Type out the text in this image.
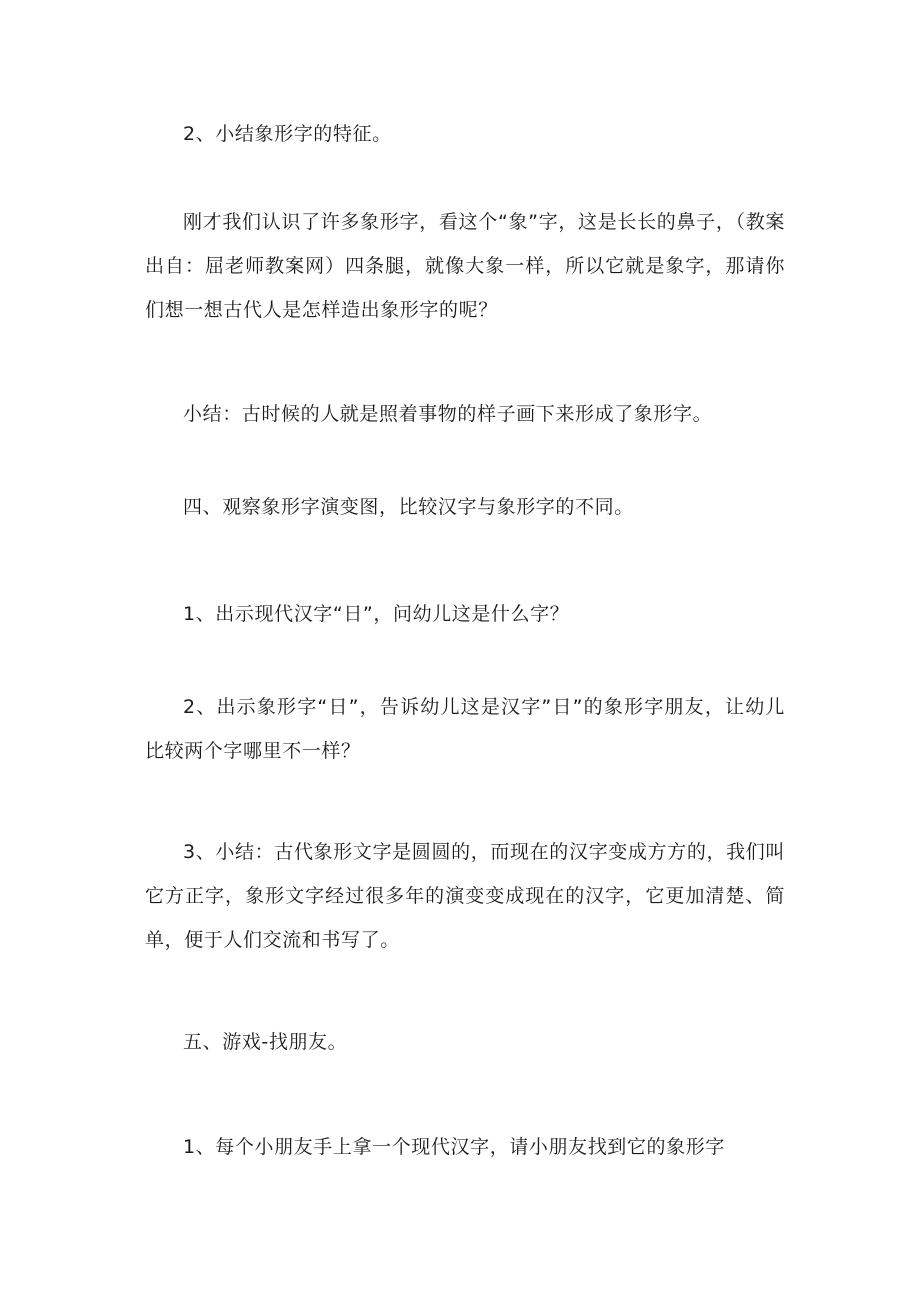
2、小结象形字的特征。

刚才我们认识了许多象形字，看这个“象”字，这是长长的鼻子，（教案出自：屈老师教案网）四条腿，就像大象一样，所以它就是象字，那请你们想一想古代人是怎样造出象形字的呢？

小结：古时候的人就是照着事物的样子画下来形成了象形字。

四、观察象形字演变图，比较汉字与象形字的不同。

1、出示现代汉字“日”，问幼儿这是什么字？

2、出示象形字“日”，告诉幼儿这是汉字”日”的象形字朋友，让幼儿比较两个字哪里不一样？

3、小结：古代象形文字是圆圆的，而现在的汉字变成方方的，我们叫它方正字，象形文字经过很多年的演变变成现在的汉字，它更加清楚、简单，便于人们交流和书写了。

五、游戏-找朋友。

1、每个小朋友手上拿一个现代汉字，请小朋友找到它的象形字
